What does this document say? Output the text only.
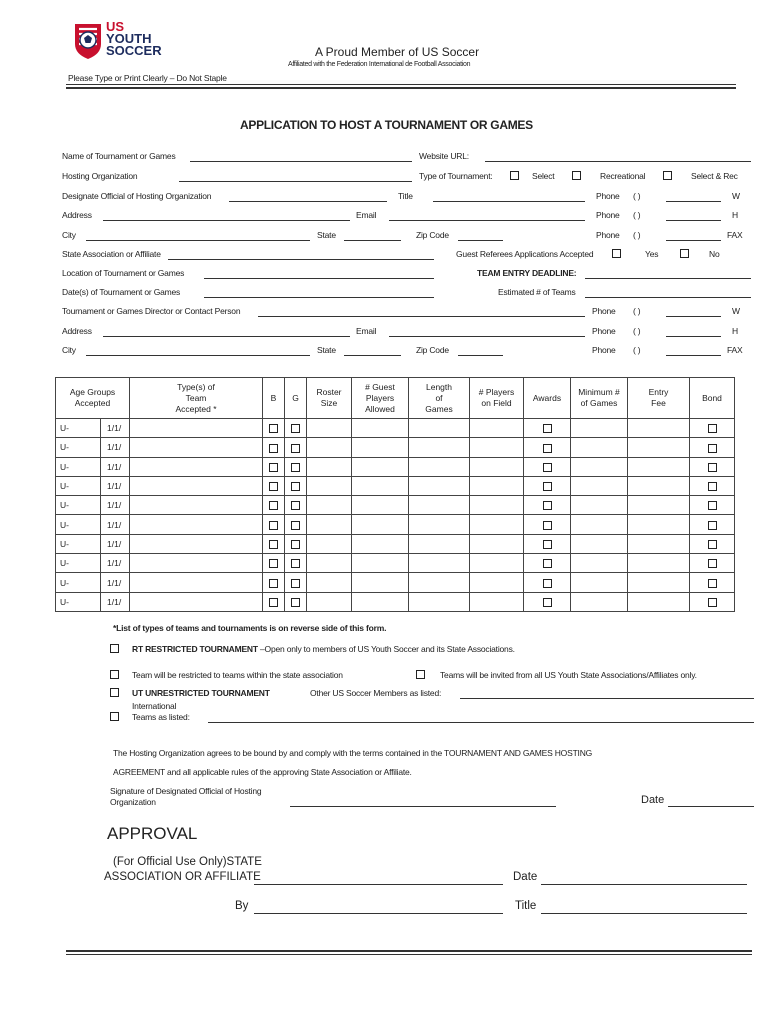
US
YOUTH
SOCCER	A Proud Member of US Soccer
Affiliated with the Federation International de Football Association
Please Type or Print Clearly – Do Not Staple
APPLICATION TO HOST A TOURNAMENT OR GAMES
Name of Tournament or Games	Website URL:
Hosting Organization	Type of Tournament:	Select	Recreational	Select & Rec
Designate Official of Hosting Organization	Title	Phone ( )	W
Address	Email	Phone ( )	H
City	State	Zip Code	Phone ( )	FAX
State Association or Affiliate	Guest Referees Applications Accepted	Yes	No
Location of Tournament or Games	TEAM ENTRY DEADLINE:
Date(s) of Tournament or Games	Estimated # of Teams
Tournament or Games Director or Contact Person	Phone ( )	W
Address	Email	Phone ( )	H
City	State	Zip Code	Phone ( )	FAX
Age Groups Accepted		Type(s) of Team Accepted *	B	G	Roster Size	# Guest Players Allowed	Length of Games	# Players on Field	Awards	Minimum # of Games	Entry Fee	Bond
U-	1/1/											
U-	1/1/											
U-	1/1/											
U-	1/1/											
U-	1/1/											
U-	1/1/											
U-	1/1/											
U-	1/1/											
U-	1/1/											
U-	1/1/											
*List of types of teams and tournaments is on reverse side of this form.
RT RESTRICTED TOURNAMENT –Open only to members of US Youth Soccer and its State Associations.
Team will be restricted to teams within the state association	Teams will be invited from all US Youth State Associations/Affiliates only.
UT UNRESTRICTED TOURNAMENT	Other US Soccer Members as listed:
International
Teams as listed:
The Hosting Organization agrees to be bound by and comply with the terms contained in the TOURNAMENT AND GAMES HOSTING
AGREEMENT and all applicable rules of the approving State Association or Affiliate.
Signature of Designated Official of Hosting
Organization	Date
APPROVAL
(For Official Use Only)STATE
ASSOCIATION OR AFFILIATE	Date
By	Title
